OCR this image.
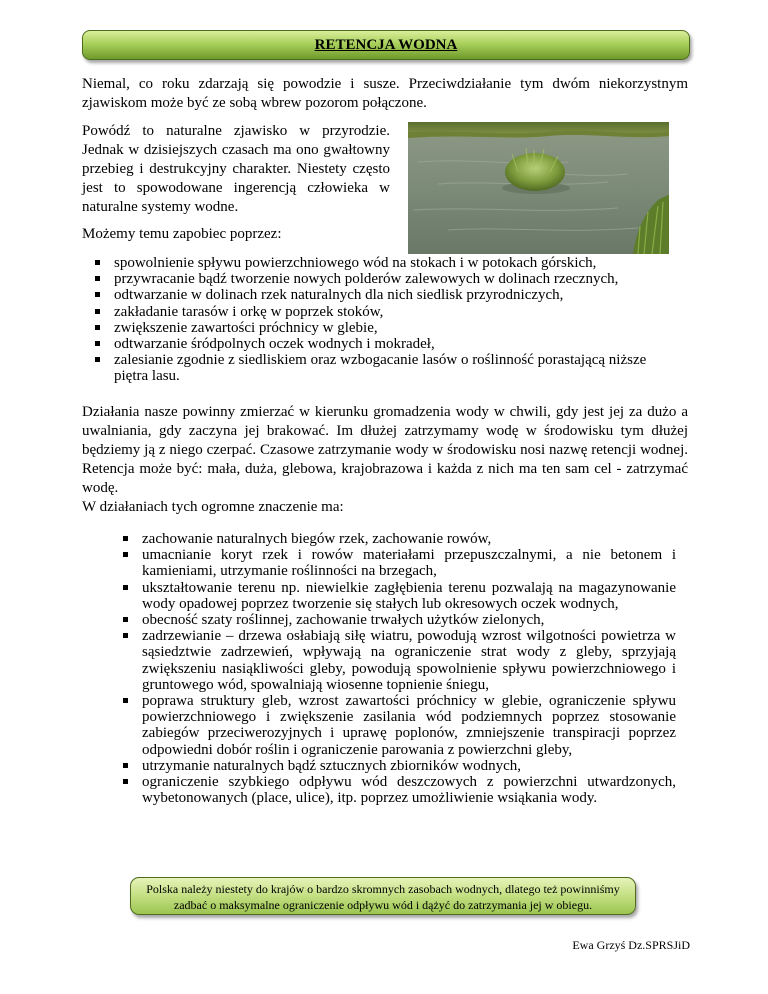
RETENCJA WODNA

Niemal, co roku zdarzają się powodzie i susze. Przeciwdziałanie tym dwóm niekorzystnym zjawiskom może być ze sobą wbrew pozorom połączone.

Powódź to naturalne zjawisko w przyrodzie. Jednak w dzisiejszych czasach ma ono gwałtowny przebieg i destrukcyjny charakter. Niestety często jest to spowodowane ingerencją człowieka w naturalne systemy wodne.

Możemy temu zapobiec poprzez:

spowolnienie spływu powierzchniowego wód na stokach i w potokach górskich,
przywracanie bądź tworzenie nowych polderów zalewowych w dolinach rzecznych,
odtwarzanie w dolinach rzek naturalnych dla nich siedlisk przyrodniczych,
zakładanie tarasów i orkę w poprzek stoków,
zwiększenie zawartości próchnicy w glebie,
odtwarzanie śródpolnych oczek wodnych i mokradeł,
zalesianie zgodnie z siedliskiem oraz wzbogacanie lasów o roślinność porastającą niższe piętra lasu.

Działania nasze powinny zmierzać w kierunku gromadzenia wody w chwili, gdy jest jej za dużo a uwalniania, gdy zaczyna jej brakować. Im dłużej zatrzymamy wodę w środowisku tym dłużej będziemy ją z niego czerpać. Czasowe zatrzymanie wody w środowisku nosi nazwę retencji wodnej. Retencja może być: mała, duża, glebowa, krajobrazowa i każda z nich ma ten sam cel - zatrzymać wodę.

W działaniach tych ogromne znaczenie ma:

zachowanie naturalnych biegów rzek, zachowanie rowów,
umacnianie koryt rzek i rowów materiałami przepuszczalnymi, a nie betonem i kamieniami, utrzymanie roślinności na brzegach,
ukształtowanie terenu np. niewielkie zagłębienia terenu pozwalają na magazynowanie wody opadowej poprzez tworzenie się stałych lub okresowych oczek wodnych,
obecność szaty roślinnej, zachowanie trwałych użytków zielonych,
zadrzewianie – drzewa osłabiają siłę wiatru, powodują wzrost wilgotności powietrza w sąsiedztwie zadrzewień, wpływają na ograniczenie strat wody z gleby, sprzyjają zwiększeniu nasiąkliwości gleby, powodują spowolnienie spływu powierzchniowego i gruntowego wód, spowalniają wiosenne topnienie śniegu,
poprawa struktury gleb, wzrost zawartości próchnicy w glebie, ograniczenie spływu powierzchniowego i zwiększenie zasilania wód podziemnych poprzez stosowanie zabiegów przeciwerozyjnych i uprawę poplonów, zmniejszenie transpiracji poprzez odpowiedni dobór roślin i ograniczenie parowania z powierzchni gleby,
utrzymanie naturalnych bądź sztucznych zbiorników wodnych,
ograniczenie szybkiego odpływu wód deszczowych z powierzchni utwardzonych, wybetonowanych (place, ulice), itp. poprzez umożliwienie wsiąkania wody.
Polska należy niestety do krajów o bardzo skromnych zasobach wodnych, dlatego też powinniśmy zadbać o maksymalne ograniczenie odpływu wód i dążyć do zatrzymania jej w obiegu.
Ewa Grzyś Dz.SPRSJiD
